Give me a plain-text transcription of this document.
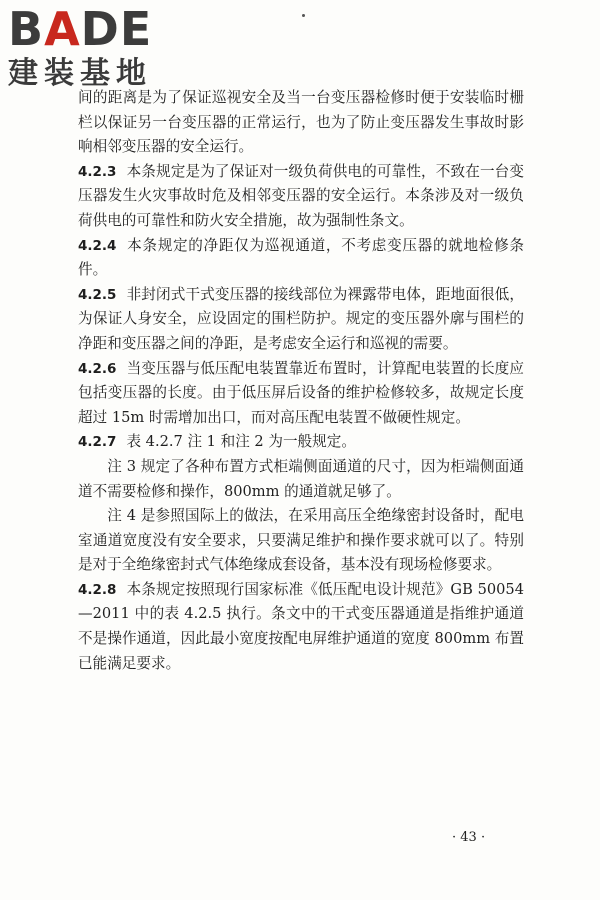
BADE
建装基地

间的距离是为了保证巡视安全及当一台变压器检修时便于安装临时栅栏以保证另一台变压器的正常运行，也为了防止变压器发生事故时影响相邻变压器的安全运行。

4.2.3 本条规定是为了保证对一级负荷供电的可靠性，不致在一台变压器发生火灾事故时危及相邻变压器的安全运行。本条涉及对一级负荷供电的可靠性和防火安全措施，故为强制性条文。

4.2.4 本条规定的净距仅为巡视通道，不考虑变压器的就地检修条件。

4.2.5 非封闭式干式变压器的接线部位为裸露带电体，距地面很低，为保证人身安全，应设固定的围栏防护。规定的变压器外廓与围栏的净距和变压器之间的净距，是考虑安全运行和巡视的需要。

4.2.6 当变压器与低压配电装置靠近布置时，计算配电装置的长度应包括变压器的长度。由于低压屏后设备的维护检修较多，故规定长度超过 15m 时需增加出口，而对高压配电装置不做硬性规定。

4.2.7 表 4.2.7 注 1 和注 2 为一般规定。

注 3 规定了各种布置方式柜端侧面通道的尺寸，因为柜端侧面通道不需要检修和操作，800mm 的通道就足够了。

注 4 是参照国际上的做法，在采用高压全绝缘密封设备时，配电室通道宽度没有安全要求，只要满足维护和操作要求就可以了。特别是对于全绝缘密封式气体绝缘成套设备，基本没有现场检修要求。

4.2.8 本条规定按照现行国家标准《低压配电设计规范》GB 50054—2011 中的表 4.2.5 执行。条文中的干式变压器通道是指维护通道不是操作通道，因此最小宽度按配电屏维护通道的宽度 800mm 布置已能满足要求。

· 43 ·
